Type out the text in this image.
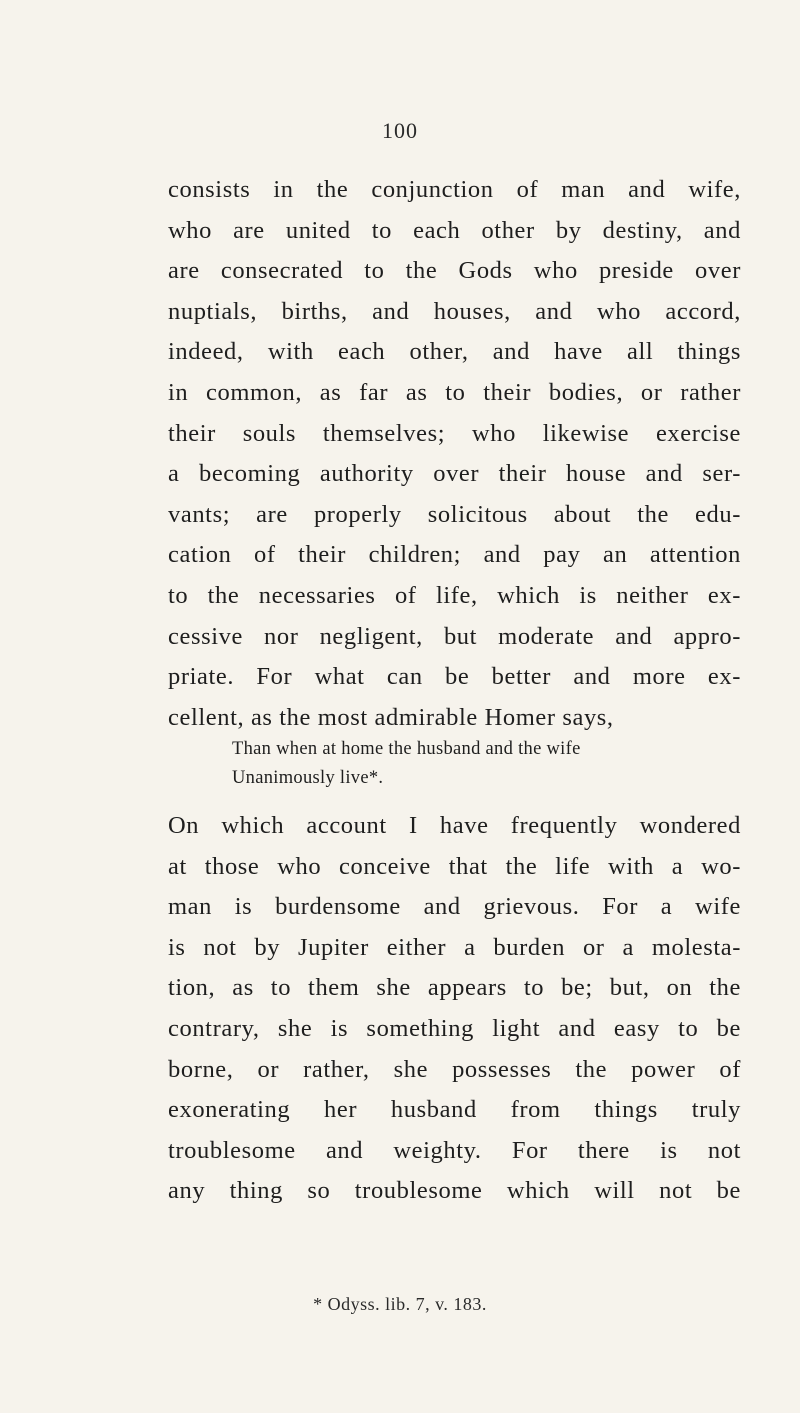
100
consists in the conjunction of man and wife,
who are united to each other by destiny, and
are consecrated to the Gods who preside over
nuptials, births, and houses, and who accord,
indeed, with each other, and have all things
in common, as far as to their bodies, or rather
their souls themselves; who likewise exercise
a becoming authority over their house and ser-
vants; are properly solicitous about the edu-
cation of their children; and pay an attention
to the necessaries of life, which is neither ex-
cessive nor negligent, but moderate and appro-
priate. For what can be better and more ex-
cellent, as the most admirable Homer says,
Than when at home the husband and the wife
Unanimously live*.
On which account I have frequently wondered
at those who conceive that the life with a wo-
man is burdensome and grievous. For a wife
is not by Jupiter either a burden or a molesta-
tion, as to them she appears to be; but, on the
contrary, she is something light and easy to be
borne, or rather, she possesses the power of
exonerating her husband from things truly
troublesome and weighty. For there is not
any thing so troublesome which will not be
* Odyss. lib. 7, v. 183.
